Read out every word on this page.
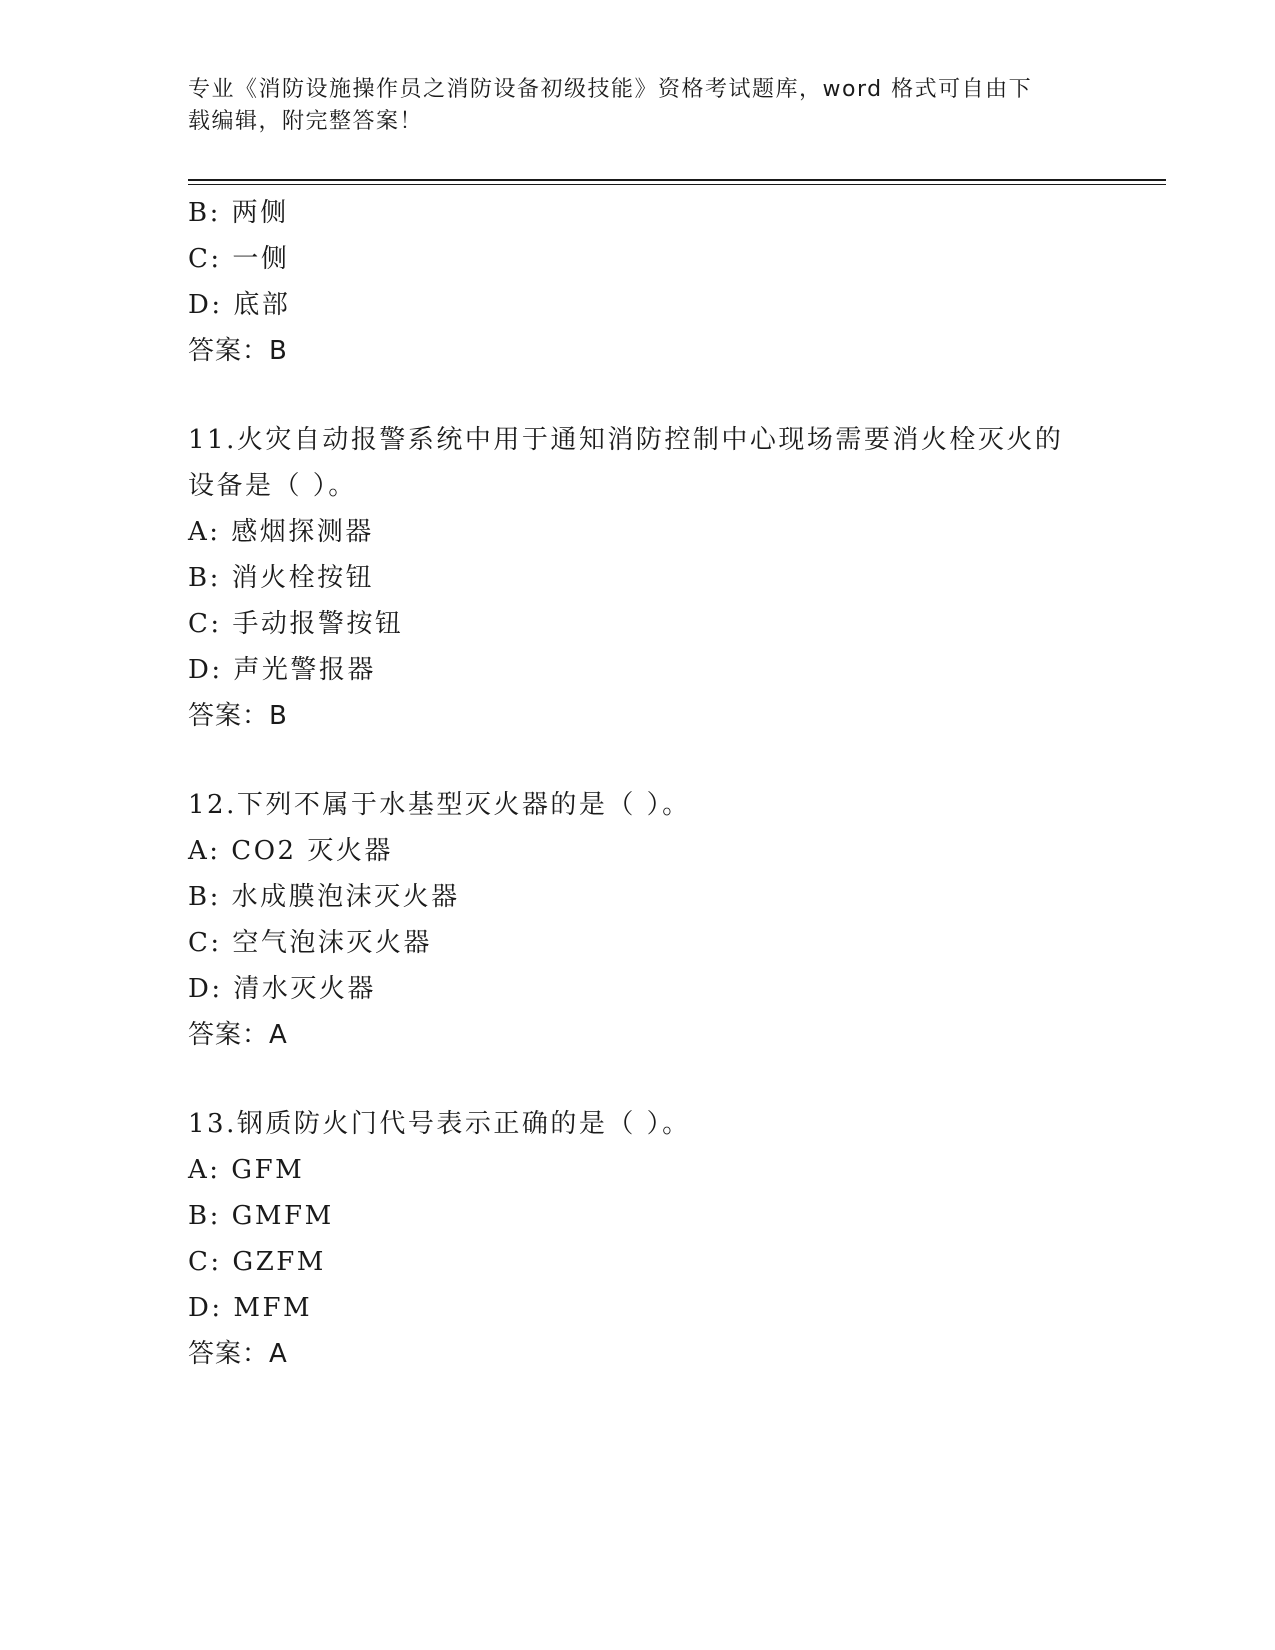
专业《消防设施操作员之消防设备初级技能》资格考试题库，word 格式可自由下
载编辑，附完整答案！
B: 两侧
C: 一侧
D: 底部
答案：B
11.火灾自动报警系统中用于通知消防控制中心现场需要消火栓灭火的
设备是（ ）。
A: 感烟探测器
B: 消火栓按钮
C: 手动报警按钮
D: 声光警报器
答案：B
12.下列不属于水基型灭火器的是（ ）。
A: CO2 灭火器
B: 水成膜泡沫灭火器
C: 空气泡沫灭火器
D: 清水灭火器
答案：A
13.钢质防火门代号表示正确的是（ ）。
A: GFM
B: GMFM
C: GZFM
D: MFM
答案：A
